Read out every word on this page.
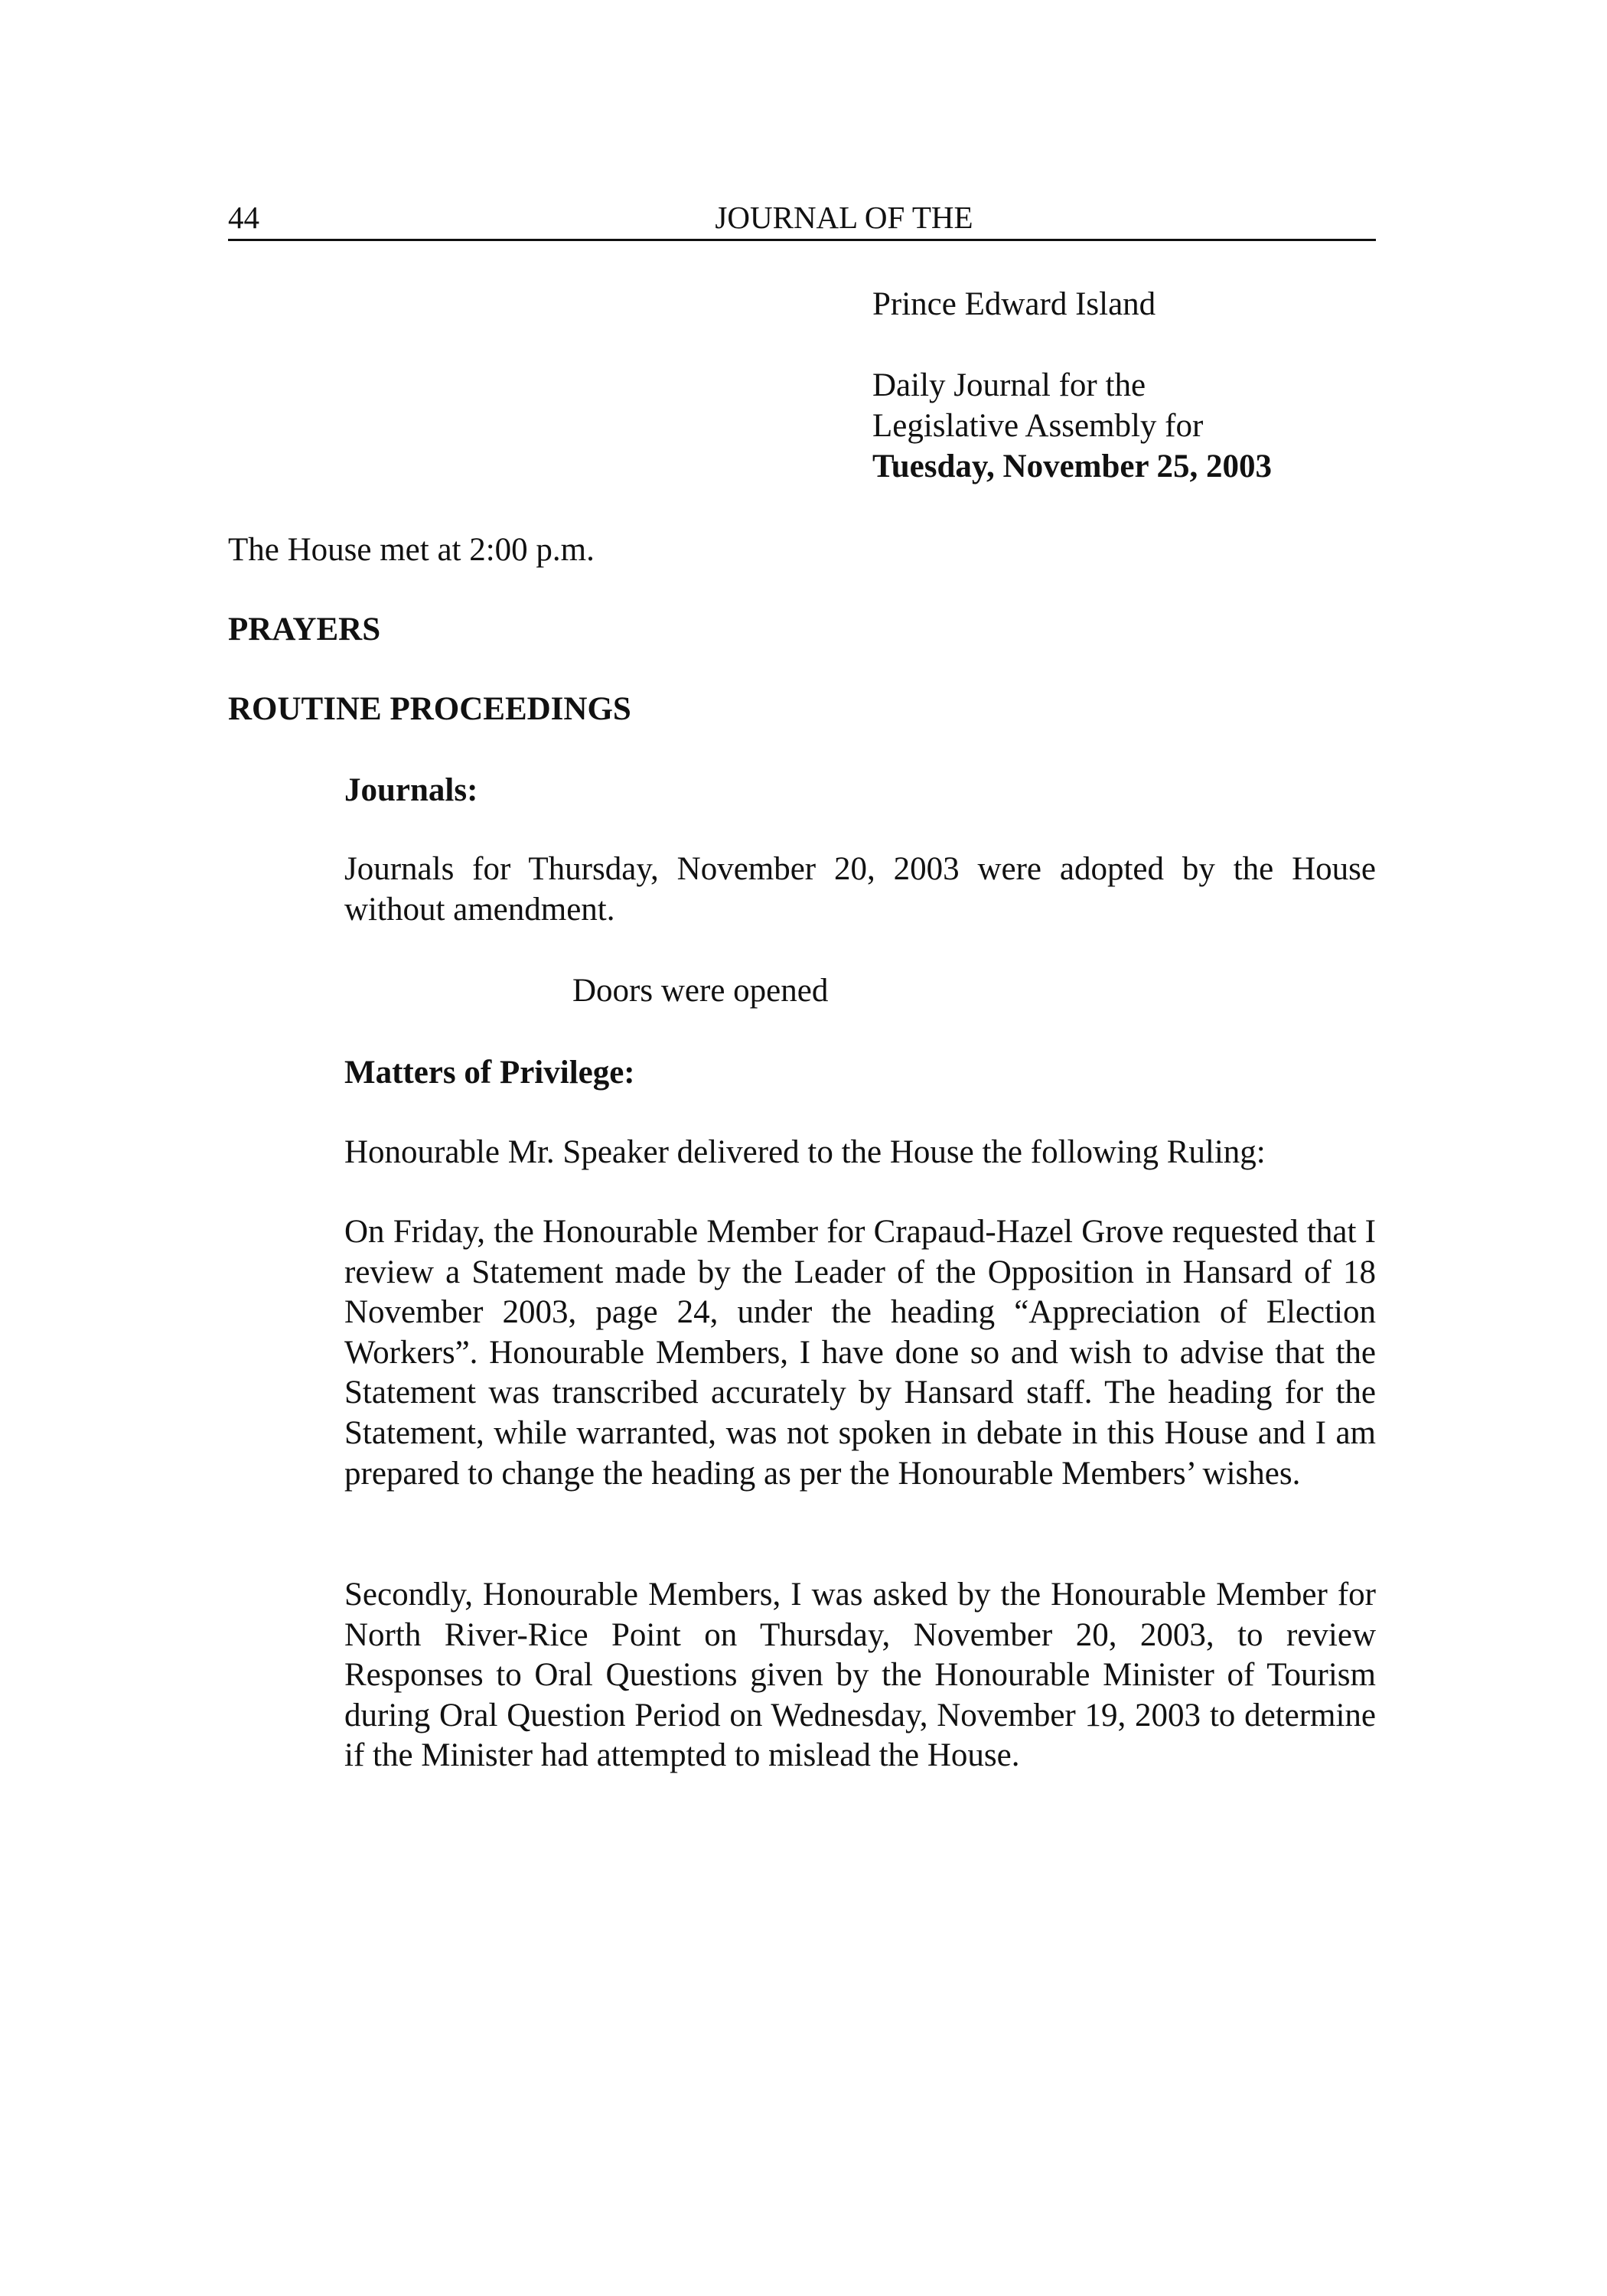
44	JOURNAL OF THE
Prince Edward Island
Daily Journal for the
Legislative Assembly for
Tuesday, November 25, 2003
The House met at 2:00 p.m.
PRAYERS
ROUTINE PROCEEDINGS
Journals:
Journals for Thursday, November 20, 2003 were adopted by the House without amendment.
Doors were opened
Matters of Privilege:
Honourable Mr. Speaker delivered to the House the following Ruling:
On Friday, the Honourable Member for Crapaud-Hazel Grove requested that I review a Statement made by the Leader of the Opposition in Hansard of 18 November 2003, page 24, under the heading “Appreciation of Election Workers”. Honourable Members, I have done so and wish to advise that the Statement was transcribed accurately by Hansard staff. The heading for the Statement, while warranted, was not spoken in debate in this House and I am prepared to change the heading as per the Honourable Members’ wishes.
Secondly, Honourable Members, I was asked by the Honourable Member for North River-Rice Point on Thursday, November 20, 2003, to review Responses to Oral Questions given by the Honourable Minister of Tourism during Oral Question Period on Wednesday, November 19, 2003 to determine if the Minister had attempted to mislead the House.
